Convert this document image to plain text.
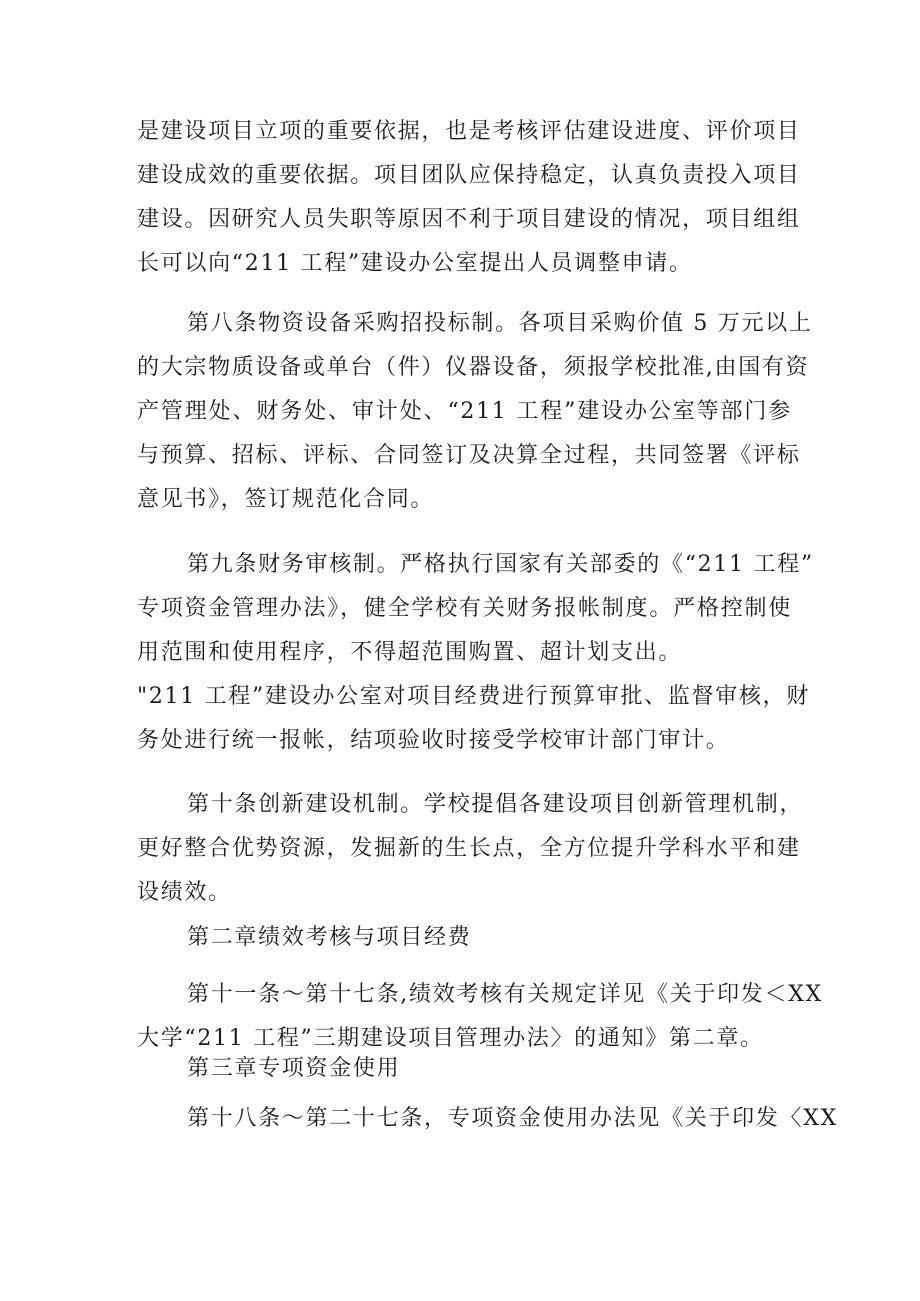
是建设项目立项的重要依据，也是考核评估建设进度、评价项目
建设成效的重要依据。项目团队应保持稳定，认真负责投入项目
建设。因研究人员失职等原因不利于项目建设的情况，项目组组
长可以向“211 工程”建设办公室提出人员调整申请。
第八条物资设备采购招投标制。各项目采购价值 5 万元以上
的大宗物质设备或单台（件）仪器设备，须报学校批准,由国有资
产管理处、财务处、审计处、“211 工程”建设办公室等部门参
与预算、招标、评标、合同签订及决算全过程，共同签署《评标
意见书》，签订规范化合同。
第九条财务审核制。严格执行国家有关部委的《“211 工程”
专项资金管理办法》，健全学校有关财务报帐制度。严格控制使
用范围和使用程序，不得超范围购置、超计划支出。
"211 工程”建设办公室对项目经费进行预算审批、监督审核，财
务处进行统一报帐，结项验收时接受学校审计部门审计。
第十条创新建设机制。学校提倡各建设项目创新管理机制，
更好整合优势资源，发掘新的生长点，全方位提升学科水平和建
设绩效。
第二章绩效考核与项目经费
第十一条～第十七条,绩效考核有关规定详见《关于印发＜XX
大学“211 工程”三期建设项目管理办法〉的通知》第二章。
第三章专项资金使用
第十八条～第二十七条，专项资金使用办法见《关于印发〈XX
